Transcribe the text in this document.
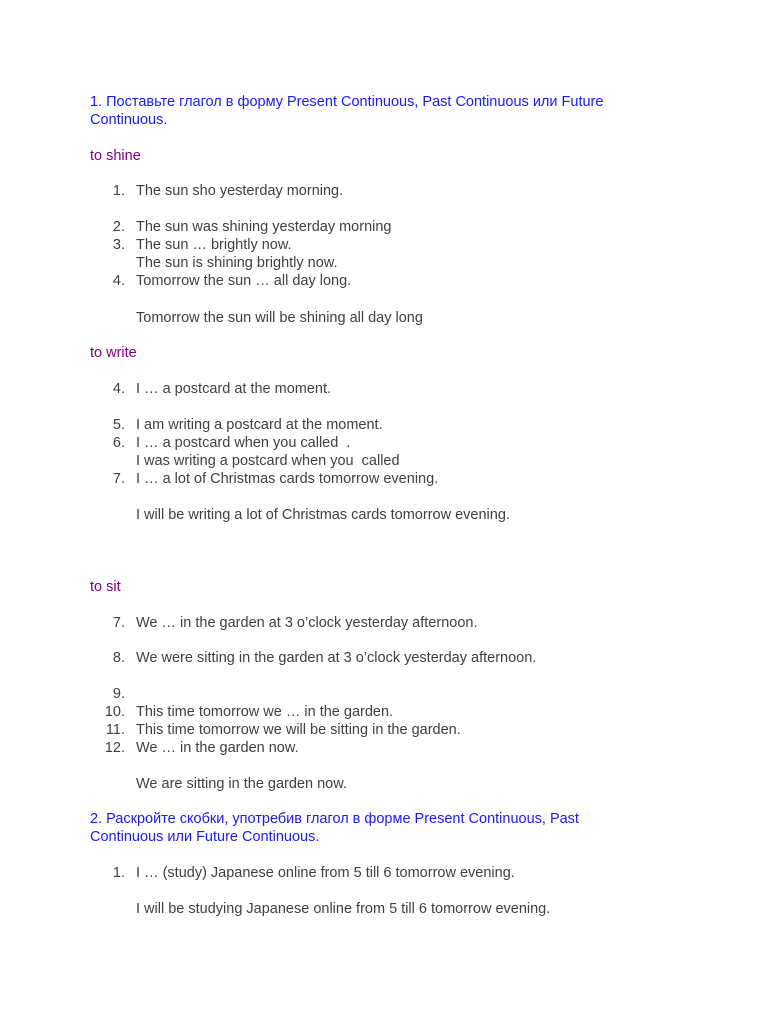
1. Поставьте глагол в форму Present Continuous, Past Continuous или Future Continuous.
to shine
1. The sun sho yesterday morning.
2. The sun was shining yesterday morning
3. The sun … brightly now.
The sun is shining brightly now.
4. Tomorrow the sun … all day long.
Tomorrow the sun will be shining all day long
to write
4. I … a postcard at the moment.
5. I am writing a postcard at the moment.
6. I … a postcard when you called  .
I was writing a postcard when you  called
7. I … a lot of Christmas cards tomorrow evening.
I will be writing a lot of Christmas cards tomorrow evening.
to sit
7. We … in the garden at 3 o’clock yesterday afternoon.
8. We were sitting in the garden at 3 o’clock yesterday afternoon.
9.
10. This time tomorrow we … in the garden.
11. This time tomorrow we will be sitting in the garden.
12. We … in the garden now.
We are sitting in the garden now.
2. Раскройте скобки, употребив глагол в форме Present Continuous, Past Continuous или Future Continuous.
1. I … (study) Japanese online from 5 till 6 tomorrow evening.
I will be studying Japanese online from 5 till 6 tomorrow evening.
